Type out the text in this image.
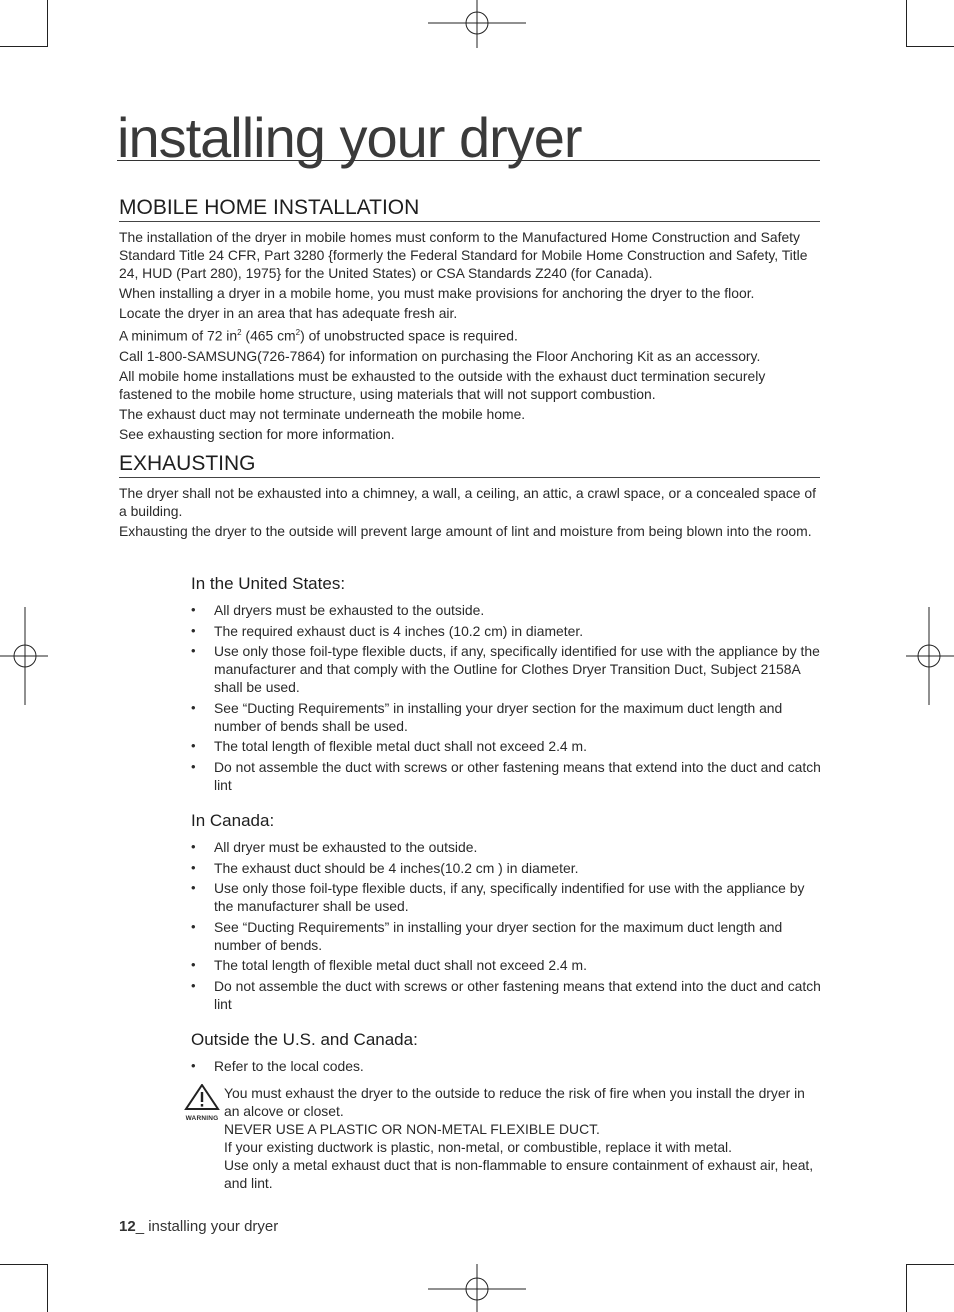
installing your dryer
MOBILE HOME INSTALLATION

The installation of the dryer in mobile homes must conform to the Manufactured Home Construction and Safety Standard Title 24 CFR, Part 3280 {formerly the Federal Standard for Mobile Home Construction and Safety, Title 24, HUD (Part 280), 1975} for the United States) or CSA Standards Z240 (for Canada).

When installing a dryer in a mobile home, you must make provisions for anchoring the dryer to the floor.

Locate the dryer in an area that has adequate fresh air.

A minimum of 72 $in^2$ (465 $cm^2$) of unobstructed space is required.

Call 1-800-SAMSUNG(726-7864) for information on purchasing the Floor Anchoring Kit as an accessory.

All mobile home installations must be exhausted to the outside with the exhaust duct termination securely fastened to the mobile home structure, using materials that will not support combustion.

The exhaust duct may not terminate underneath the mobile home.

See exhausting section for more information.

EXHAUSTING

The dryer shall not be exhausted into a chimney, a wall, a ceiling, an attic, a crawl space, or a concealed space of a building.

Exhausting the dryer to the outside will prevent large amount of lint and moisture from being blown into the room.

In the United States:
• All dryers must be exhausted to the outside.
• The required exhaust duct is 4 inches (10.2 cm) in diameter.
• Use only those foil-type flexible ducts, if any, specifically identified for use with the appliance by the manufacturer and that comply with the Outline for Clothes Dryer Transition Duct, Subject 2158A shall be used.
• See “Ducting Requirements” in installing your dryer section for the maximum duct length and number of bends shall be used.
• The total length of flexible metal duct shall not exceed 2.4 m.
• Do not assemble the duct with screws or other fastening means that extend into the duct and catch lint
In Canada:
• All dryer must be exhausted to the outside.
• The exhaust duct should be 4 inches(10.2 cm ) in diameter.
• Use only those foil-type flexible ducts, if any, specifically indentified for use with the appliance by the manufacturer shall be used.
• See “Ducting Requirements” in installing your dryer section for the maximum duct length and number of bends.
• The total length of flexible metal duct shall not exceed 2.4 m.
• Do not assemble the duct with screws or other fastening means that extend into the duct and catch lint
Outside the U.S. and Canada:
• Refer to the local codes.
WARNING

You must exhaust the dryer to the outside to reduce the risk of fire when you install the dryer in an alcove or closet.

NEVER USE A PLASTIC OR NON-METAL FLEXIBLE DUCT.

If your existing ductwork is plastic, non-metal, or combustible, replace it with metal.

Use only a metal exhaust duct that is non-flammable to ensure containment of exhaust air, heat, and lint.

12_ installing your dryer
